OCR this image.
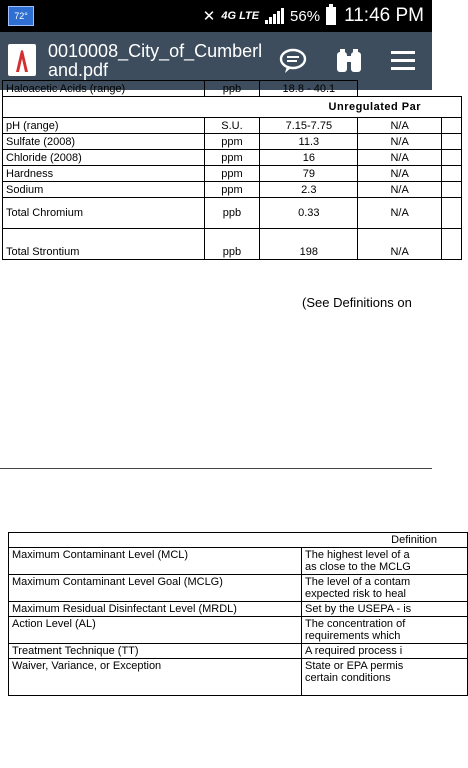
72°	✕ 4G LTE 56% 11:46 PM
0010008_City_of_Cumberl
and.pdf
Haloacetic Acids (range)	ppb	18.8 - 40.1		
Unregulated Par				
pH (range)	S.U.	7.15-7.75	N/A	
Sulfate (2008)	ppm	11.3	N/A	
Chloride (2008)	ppm	16	N/A	
Hardness	ppm	79	N/A	
Sodium	ppm	2.3	N/A	
Total Chromium	ppb	0.33	N/A	
Total Strontium	ppb	198	N/A	
(See Definitions on
Definition	
Maximum Contaminant Level (MCL)	The highest level of a
as close to the MCLG

Maximum Contaminant Level Goal (MCLG)	The level of a contam
expected risk to heal

Maximum Residual Disinfectant Level (MRDL)	Set by the USEPA - is

Action Level (AL)	The concentration of
requirements which

Treatment Technique (TT)	A required process i

Waiver, Variance, or Exception	State or EPA permis
certain conditions
